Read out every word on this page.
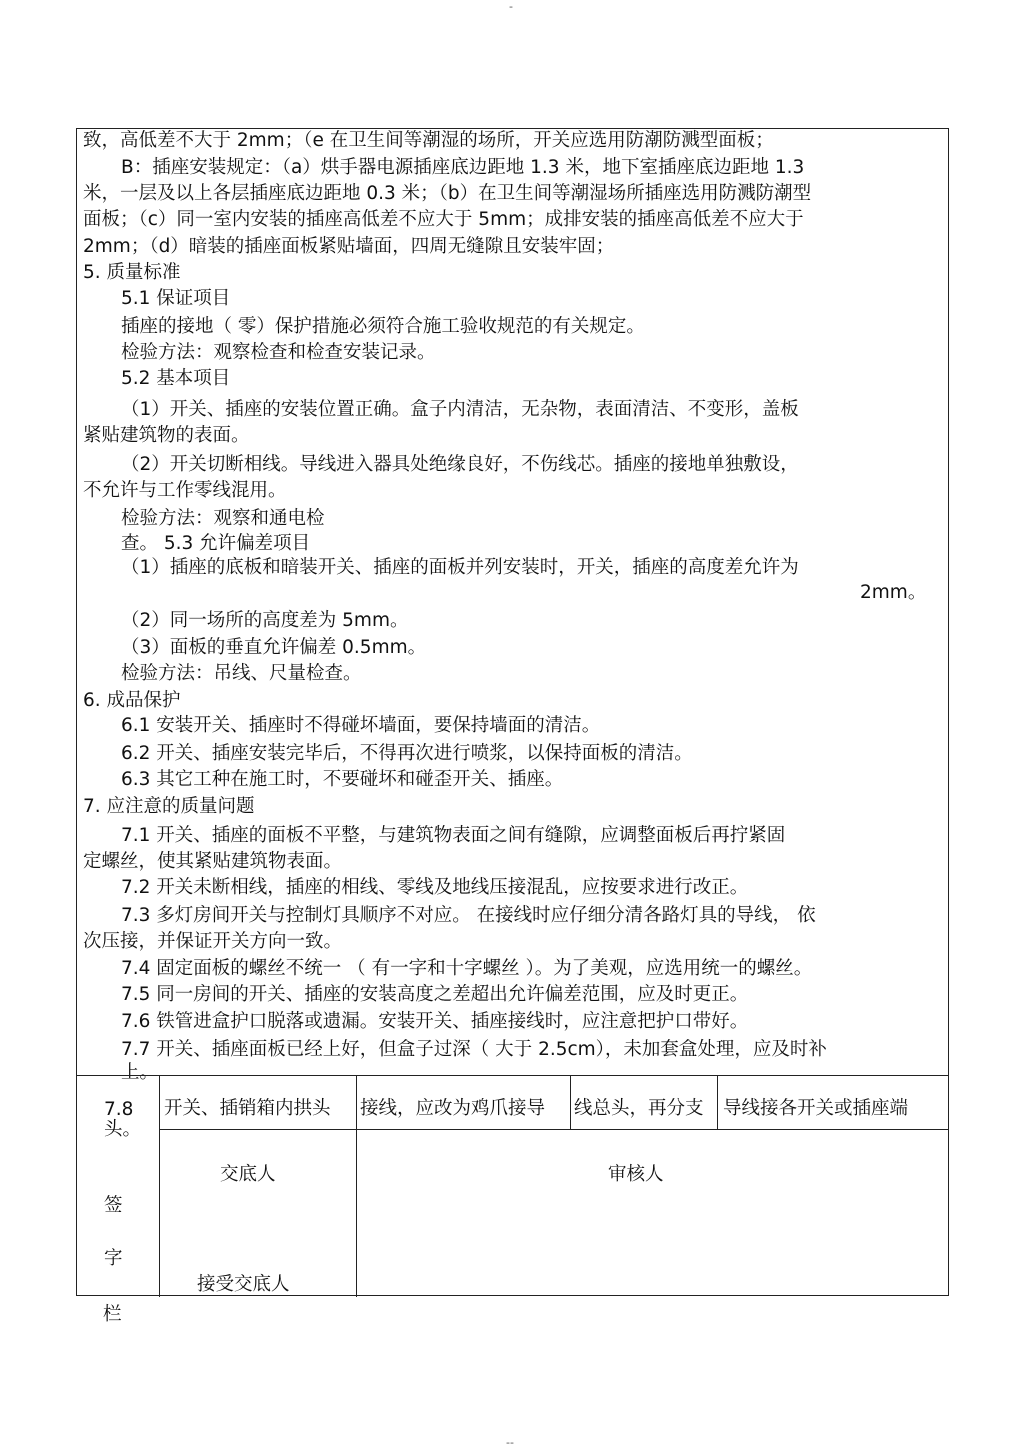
-
致，高低差不大于 2mm；（e 在卫生间等潮湿的场所，开关应选用防潮防溅型面板；
B：插座安装规定：（a）烘手器电源插座底边距地 1.3 米，地下室插座底边距地 1.3
米，一层及以上各层插座底边距地 0.3 米；（b）在卫生间等潮湿场所插座选用防溅防潮型
面板；（c）同一室内安装的插座高低差不应大于 5mm；成排安装的插座高低差不应大于
2mm；（d）暗装的插座面板紧贴墙面，四周无缝隙且安装牢固；
5. 质量标准
5.1 保证项目
插座的接地（ 零）保护措施必须符合施工验收规范的有关规定。
检验方法：观察检查和检查安装记录。
5.2 基本项目
（1）开关、插座的安装位置正确。盒子内清洁，无杂物，表面清洁、不变形，盖板
紧贴建筑物的表面。
（2）开关切断相线。导线进入器具处绝缘良好，不伤线芯。插座的接地单独敷设，
不允许与工作零线混用。
检验方法：观察和通电检
查。 5.3 允许偏差项目
（1）插座的底板和暗装开关、插座的面板并列安装时，开关，插座的高度差允许为
2mm。
（2）同一场所的高度差为 5mm。
（3）面板的垂直允许偏差 0.5mm。
检验方法：吊线、尺量检查。
6. 成品保护
6.1 安装开关、插座时不得碰坏墙面，要保持墙面的清洁。
6.2 开关、插座安装完毕后，不得再次进行喷浆，以保持面板的清洁。
6.3 其它工种在施工时，不要碰坏和碰歪开关、插座。
7. 应注意的质量问题
7.1 开关、插座的面板不平整，与建筑物表面之间有缝隙，应调整面板后再拧紧固
定螺丝，使其紧贴建筑物表面。
7.2 开关未断相线，插座的相线、零线及地线压接混乱，应按要求进行改正。
7.3 多灯房间开关与控制灯具顺序不对应。 在接线时应仔细分清各路灯具的导线， 依
次压接，并保证开关方向一致。
7.4 固定面板的螺丝不统一 （ 有一字和十字螺丝 ）。为了美观，应选用统一的螺丝。
7.5 同一房间的开关、插座的安装高度之差超出允许偏差范围，应及时更正。
7.6 铁管进盒护口脱落或遗漏。安装开关、插座接线时，应注意把护口带好。
7.7 开关、插座面板已经上好，但盒子过深（ 大于 2.5cm），未加套盒处理，应及时补
上。
7.8
头。
开关、插销箱内拱头 接线，应改为鸡爪接导 线总头，再分支 导线接各开关或插座端
签
字
交底人	审核人
接受交底人
栏
--
